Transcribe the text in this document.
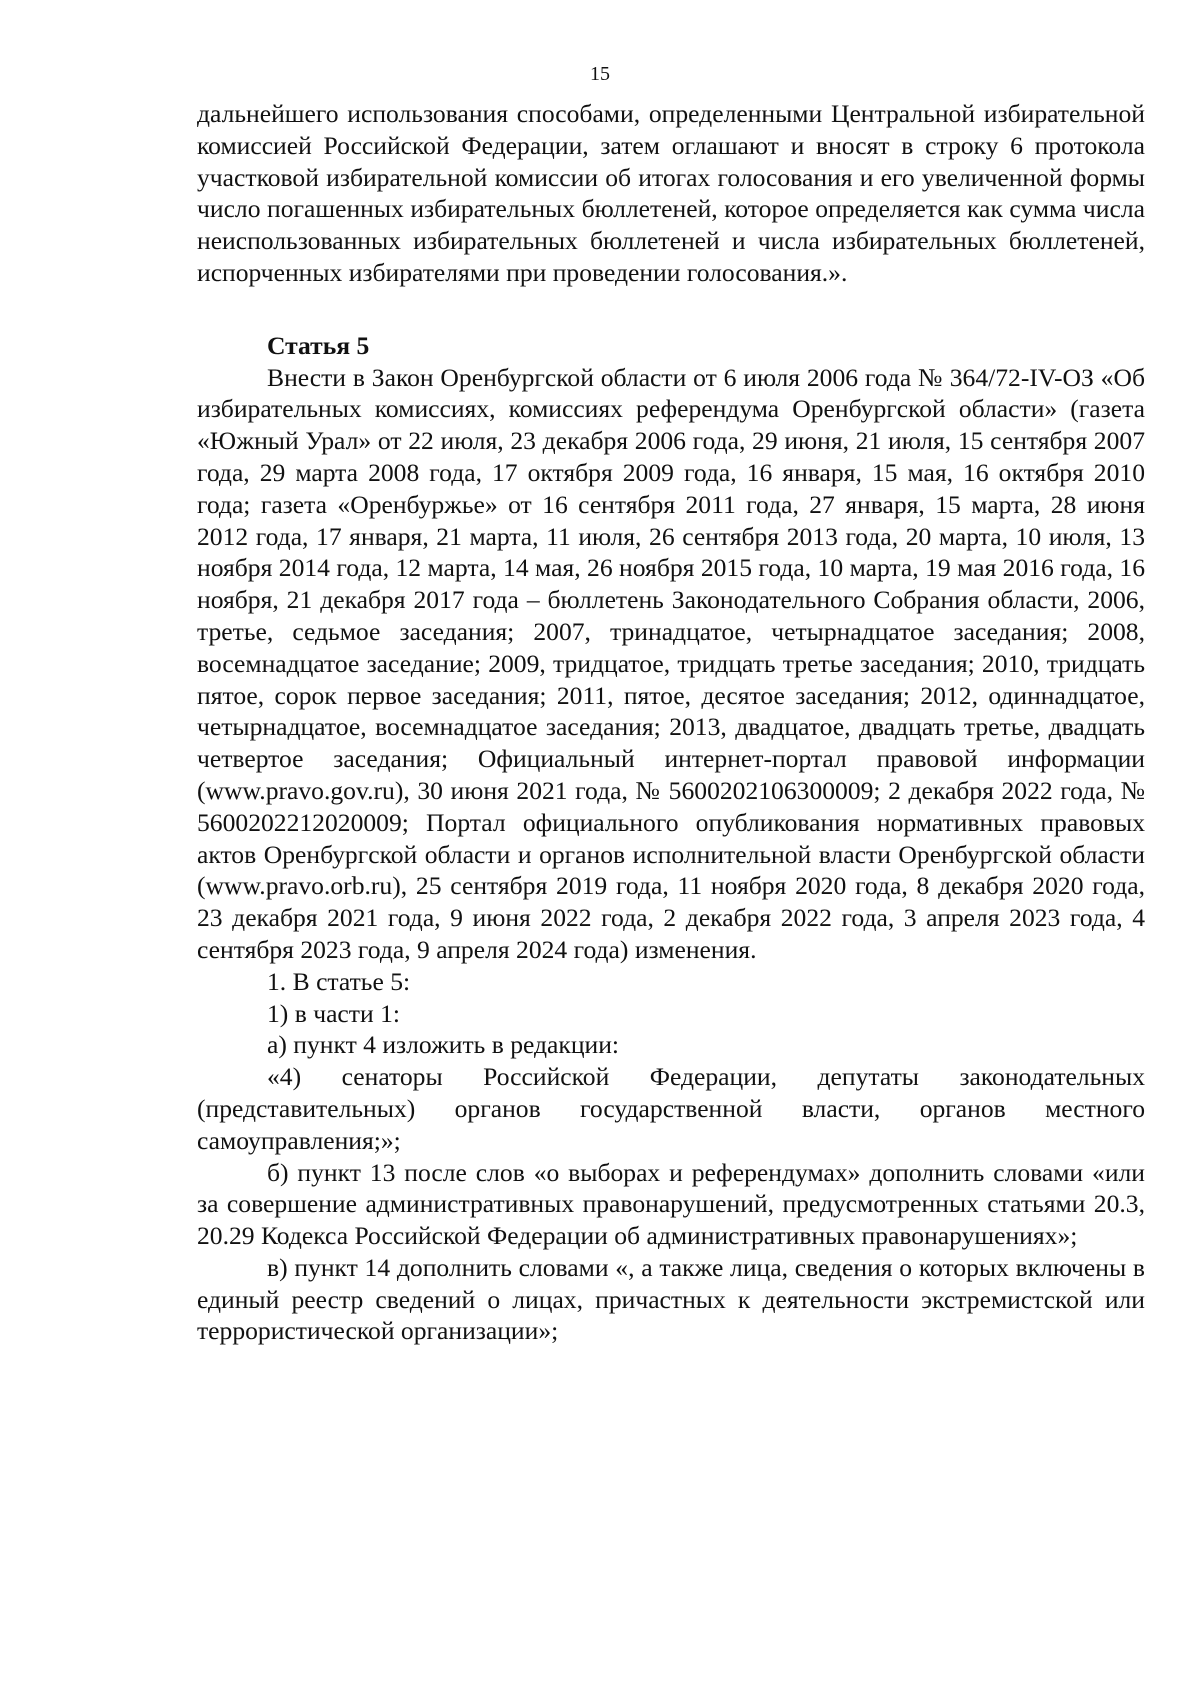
15

дальнейшего использования способами, определенными Центральной избирательной комиссией Российской Федерации, затем оглашают и вносят в строку 6 протокола участковой избирательной комиссии об итогах голосования и его увеличенной формы число погашенных избирательных бюллетеней, которое определяется как сумма числа неиспользованных избирательных бюллетеней и числа избирательных бюллетеней, испорченных избирателями при проведении голосования.».

Статья 5

Внести в Закон Оренбургской области от 6 июля 2006 года № 364/72-IV-ОЗ «Об избирательных комиссиях, комиссиях референдума Оренбургской области» (газета «Южный Урал» от 22 июля, 23 декабря 2006 года, 29 июня, 21 июля, 15 сентября 2007 года, 29 марта 2008 года, 17 октября 2009 года, 16 января, 15 мая, 16 октября 2010 года; газета «Оренбуржье» от 16 сентября 2011 года, 27 января, 15 марта, 28 июня 2012 года, 17 января, 21 марта, 11 июля, 26 сентября 2013 года, 20 марта, 10 июля, 13 ноября 2014 года, 12 марта, 14 мая, 26 ноября 2015 года, 10 марта, 19 мая 2016 года, 16 ноября, 21 декабря 2017 года – бюллетень Законодательного Собрания области, 2006, третье, седьмое заседания; 2007, тринадцатое, четырнадцатое заседания; 2008, восемнадцатое заседание; 2009, тридцатое, тридцать третье заседания; 2010, тридцать пятое, сорок первое заседания; 2011, пятое, десятое заседания; 2012, одиннадцатое, четырнадцатое, восемнадцатое заседания; 2013, двадцатое, двадцать третье, двадцать четвертое заседания; Официальный интернет-портал правовой информации (www.pravo.gov.ru), 30 июня 2021 года, № 5600202106300009; 2 декабря 2022 года, № 5600202212020009; Портал официального опубликования нормативных правовых актов Оренбургской области и органов исполнительной власти Оренбургской области (www.pravo.orb.ru), 25 сентября 2019 года, 11 ноября 2020 года, 8 декабря 2020 года, 23 декабря 2021 года, 9 июня 2022 года, 2 декабря 2022 года, 3 апреля 2023 года, 4 сентября 2023 года, 9 апреля 2024 года) изменения.

1. В статье 5:

1) в части 1:

а) пункт 4 изложить в редакции:

«4) сенаторы Российской Федерации, депутаты законодательных (представительных) органов государственной власти, органов местного самоуправления;»;

б) пункт 13 после слов «о выборах и референдумах» дополнить словами «или за совершение административных правонарушений, предусмотренных статьями 20.3, 20.29 Кодекса Российской Федерации об административных правонарушениях»;

в) пункт 14 дополнить словами «, а также лица, сведения о которых включены в единый реестр сведений о лицах, причастных к деятельности экстремистской или террористической организации»;
